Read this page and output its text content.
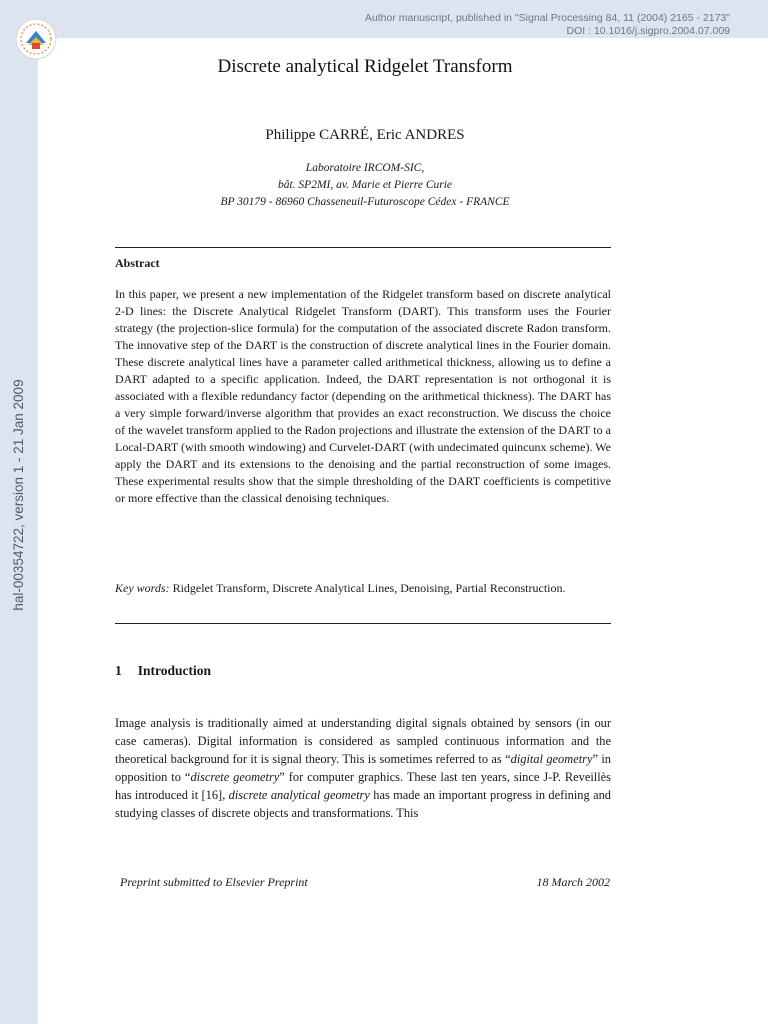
hal-00354722, version 1 - 21 Jan 2009
Author manuscript, published in "Signal Processing 84, 11 (2004) 2165 - 2173"
DOI : 10.1016/j.sigpro.2004.07.009
Discrete analytical Ridgelet Transform
Philippe CARRÉ, Eric ANDRES
Laboratoire IRCOM-SIC,
bât. SP2MI, av. Marie et Pierre Curie
BP 30179 - 86960 Chasseneuil-Futuroscope Cédex - FRANCE
Abstract
In this paper, we present a new implementation of the Ridgelet transform based on discrete analytical 2-D lines: the Discrete Analytical Ridgelet Transform (DART). This transform uses the Fourier strategy (the projection-slice formula) for the computation of the associated discrete Radon transform. The innovative step of the DART is the construction of discrete analytical lines in the Fourier domain. These discrete analytical lines have a parameter called arithmetical thickness, allowing us to define a DART adapted to a specific application. Indeed, the DART representation is not orthogonal it is associated with a flexible redundancy factor (depending on the arithmetical thickness). The DART has a very simple forward/inverse algorithm that provides an exact reconstruction. We discuss the choice of the wavelet transform applied to the Radon projections and illustrate the extension of the DART to a Local-DART (with smooth windowing) and Curvelet-DART (with undecimated quincunx scheme). We apply the DART and its extensions to the denoising and the partial reconstruction of some images. These experimental results show that the simple thresholding of the DART coefficients is competitive or more effective than the classical denoising techniques.
Key words: Ridgelet Transform, Discrete Analytical Lines, Denoising, Partial Reconstruction.
1 Introduction
Image analysis is traditionally aimed at understanding digital signals obtained by sensors (in our case cameras). Digital information is considered as sampled continuous information and the theoretical background for it is signal theory. This is sometimes referred to as “digital geometry” in opposition to “discrete geometry” for computer graphics. These last ten years, since J-P. Reveillès has introduced it [16], discrete analytical geometry has made an important progress in defining and studying classes of discrete objects and transformations. This
Preprint submitted to Elsevier Preprint	18 March 2002
